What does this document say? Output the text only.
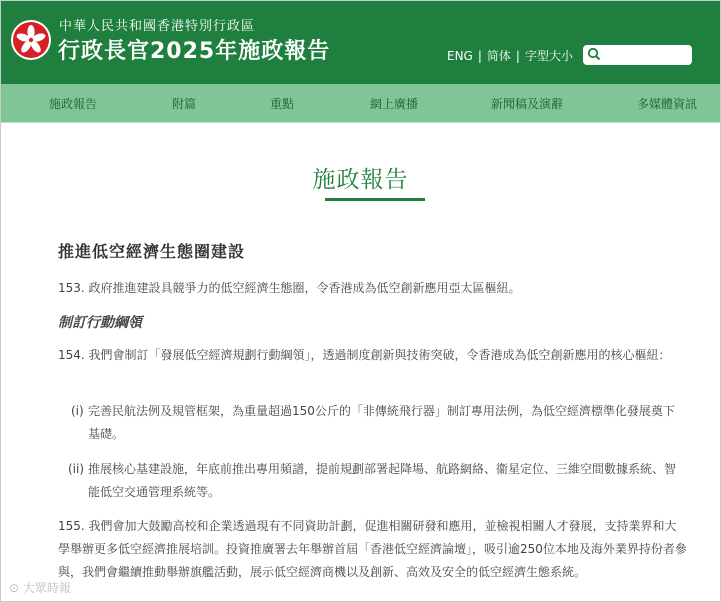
中華人民共和國香港特別行政區
行政長官2025年施政報告	ENG | 简体 | 字型大小
施政報告	附篇	重點	網上廣播	新聞稿及演辭	多媒體資訊
施政報告
推進低空經濟生態圈建設
153. 政府推進建設具競爭力的低空經濟生態圈，令香港成為低空創新應用亞太區樞紐。
制訂行動綱領
154. 我們會制訂「發展低空經濟規劃行動綱領」，透過制度創新與技術突破，令香港成為低空創新應用的核心樞紐：
(i) 完善民航法例及規管框架，為重量超過150公斤的「非傳統飛行器」制訂專用法例，為低空經濟標準化發展奠下基礎。
(ii) 推展核心基建設施，年底前推出專用頻譜，提前規劃部署起降場、航路網絡、衞星定位、三維空間數據系統、智能低空交通管理系統等。
155. 我們會加大鼓勵高校和企業透過現有不同資助計劃，促進相關研發和應用，並檢視相關人才發展，支持業界和大學舉辦更多低空經濟推展培訓。投資推廣署去年舉辦首屆「香港低空經濟論壇」，吸引逾250位本地及海外業界持份者參與，我們會繼續推動舉辦旗艦活動，展示低空經濟商機以及創新、高效及安全的低空經濟生態系統。
⊙ 大眾時報
